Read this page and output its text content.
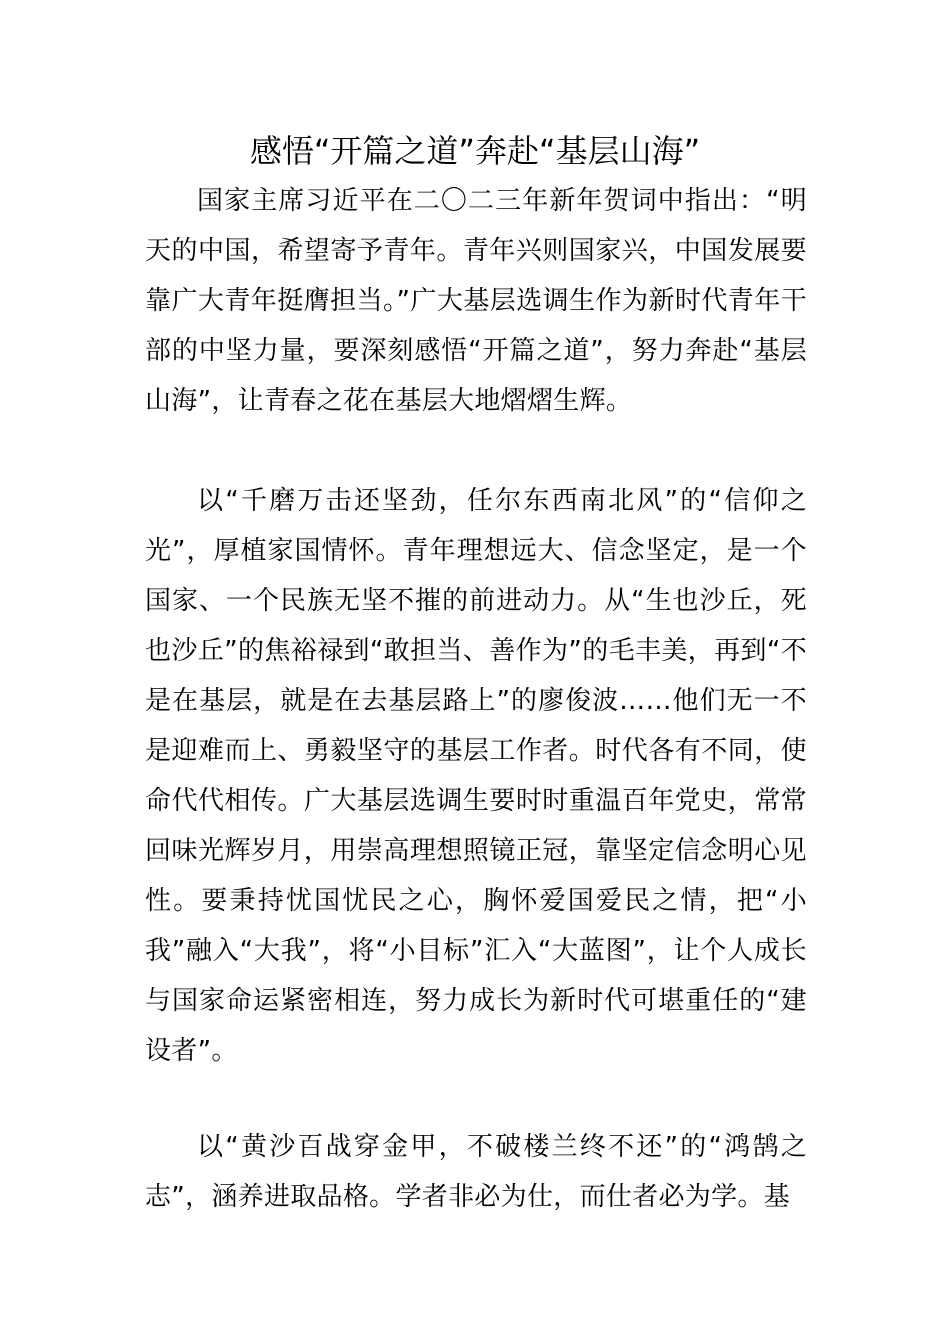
感悟“开篇之道”奔赴“基层山海”

国家主席习近平在二〇二三年新年贺词中指出：“明天的中国，希望寄予青年。青年兴则国家兴，中国发展要靠广大青年挺膺担当。”广大基层选调生作为新时代青年干部的中坚力量，要深刻感悟“开篇之道”，努力奔赴“基层山海”，让青春之花在基层大地熠熠生辉。

以“千磨万击还坚劲，任尔东西南北风”的“信仰之光”，厚植家国情怀。青年理想远大、信念坚定，是一个国家、一个民族无坚不摧的前进动力。从“生也沙丘，死也沙丘”的焦裕禄到“敢担当、善作为”的毛丰美，再到“不是在基层，就是在去基层路上”的廖俊波……他们无一不是迎难而上、勇毅坚守的基层工作者。时代各有不同，使命代代相传。广大基层选调生要时时重温百年党史，常常回味光辉岁月，用崇高理想照镜正冠，靠坚定信念明心见性。要秉持忧国忧民之心，胸怀爱国爱民之情，把“小我”融入“大我”，将“小目标”汇入“大蓝图”，让个人成长与国家命运紧密相连，努力成长为新时代可堪重任的“建设者”。

以“黄沙百战穿金甲，不破楼兰终不还”的“鸿鹄之志”，涵养进取品格。学者非必为仕，而仕者必为学。基
